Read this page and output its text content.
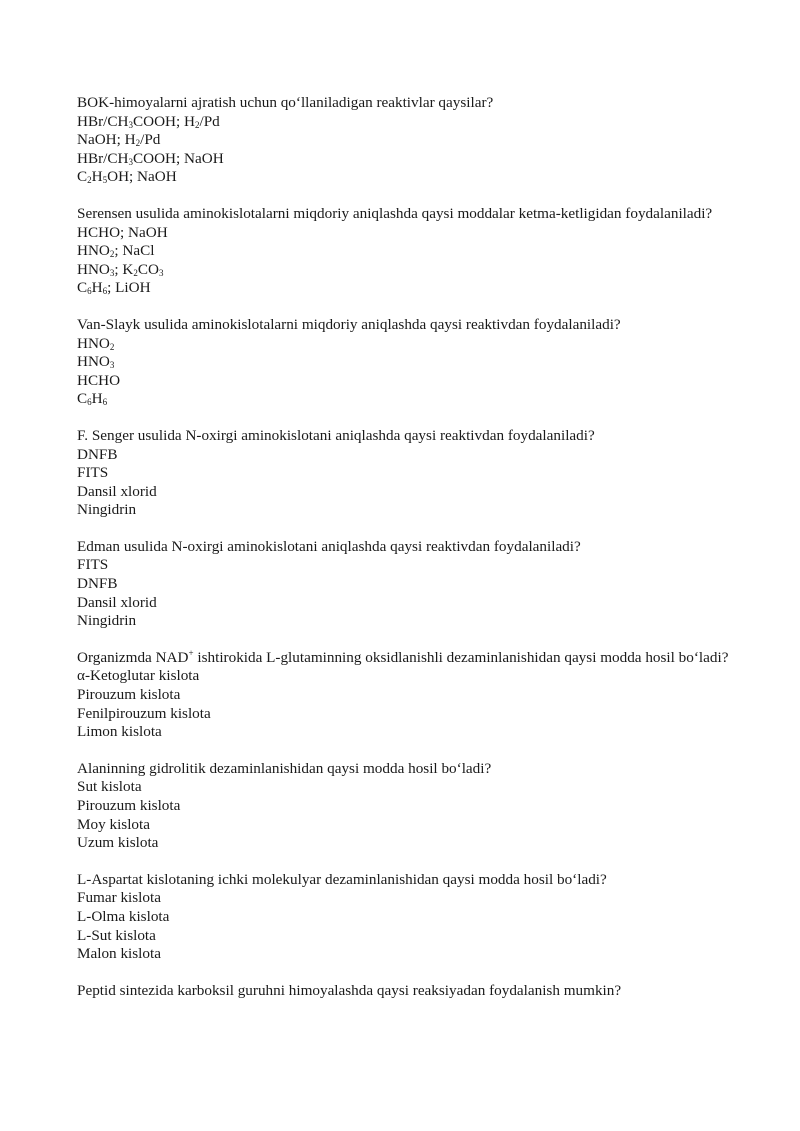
BOK-himoyalarni ajratish uchun qo‘llaniladigan reaktivlar qaysilar?
HBr/$CH_3COOH$; $H_2/Pd$
NaOH; $H_2/Pd$
HBr/$CH_3COOH$; NaOH
$C_2H_5OH$; NaOH
Serensen usulida aminokislotalarni miqdoriy aniqlashda qaysi moddalar ketma-ketligidan foydalaniladi?
HCHO; NaOH
$HNO_2$; NaCl
$HNO_3$; $K_2CO_3$
$C_6H_6$; LiOH
Van-Slayk usulida aminokislotalarni miqdoriy aniqlashda qaysi reaktivdan foydalaniladi?
$HNO_2$
$HNO_3$
HCHO
$C_6H_6$
F. Senger usulida N-oxirgi aminokislotani aniqlashda qaysi reaktivdan foydalaniladi?
DNFB
FITS
Dansil xlorid
Ningidrin
Edman usulida N-oxirgi aminokislotani aniqlashda qaysi reaktivdan foydalaniladi?
FITS
DNFB
Dansil xlorid
Ningidrin
Organizmda NAD+ ishtirokida L-glutaminning oksidlanishli dezaminlanishidan qaysi modda hosil bo‘ladi?
α-Ketoglutar kislota
Pirouzum kislota
Fenilpirouzum kislota
Limon kislota
Alaninning gidrolitik dezaminlanishidan qaysi modda hosil bo‘ladi?
Sut kislota
Pirouzum kislota
Moy kislota
Uzum kislota
L-Aspartat kislotaning ichki molekulyar dezaminlanishidan qaysi modda hosil bo‘ladi?
Fumar kislota
L-Olma kislota
L-Sut kislota
Malon kislota
Peptid sintezida karboksil guruhni himoyalashda qaysi reaksiyadan foydalanish mumkin?
